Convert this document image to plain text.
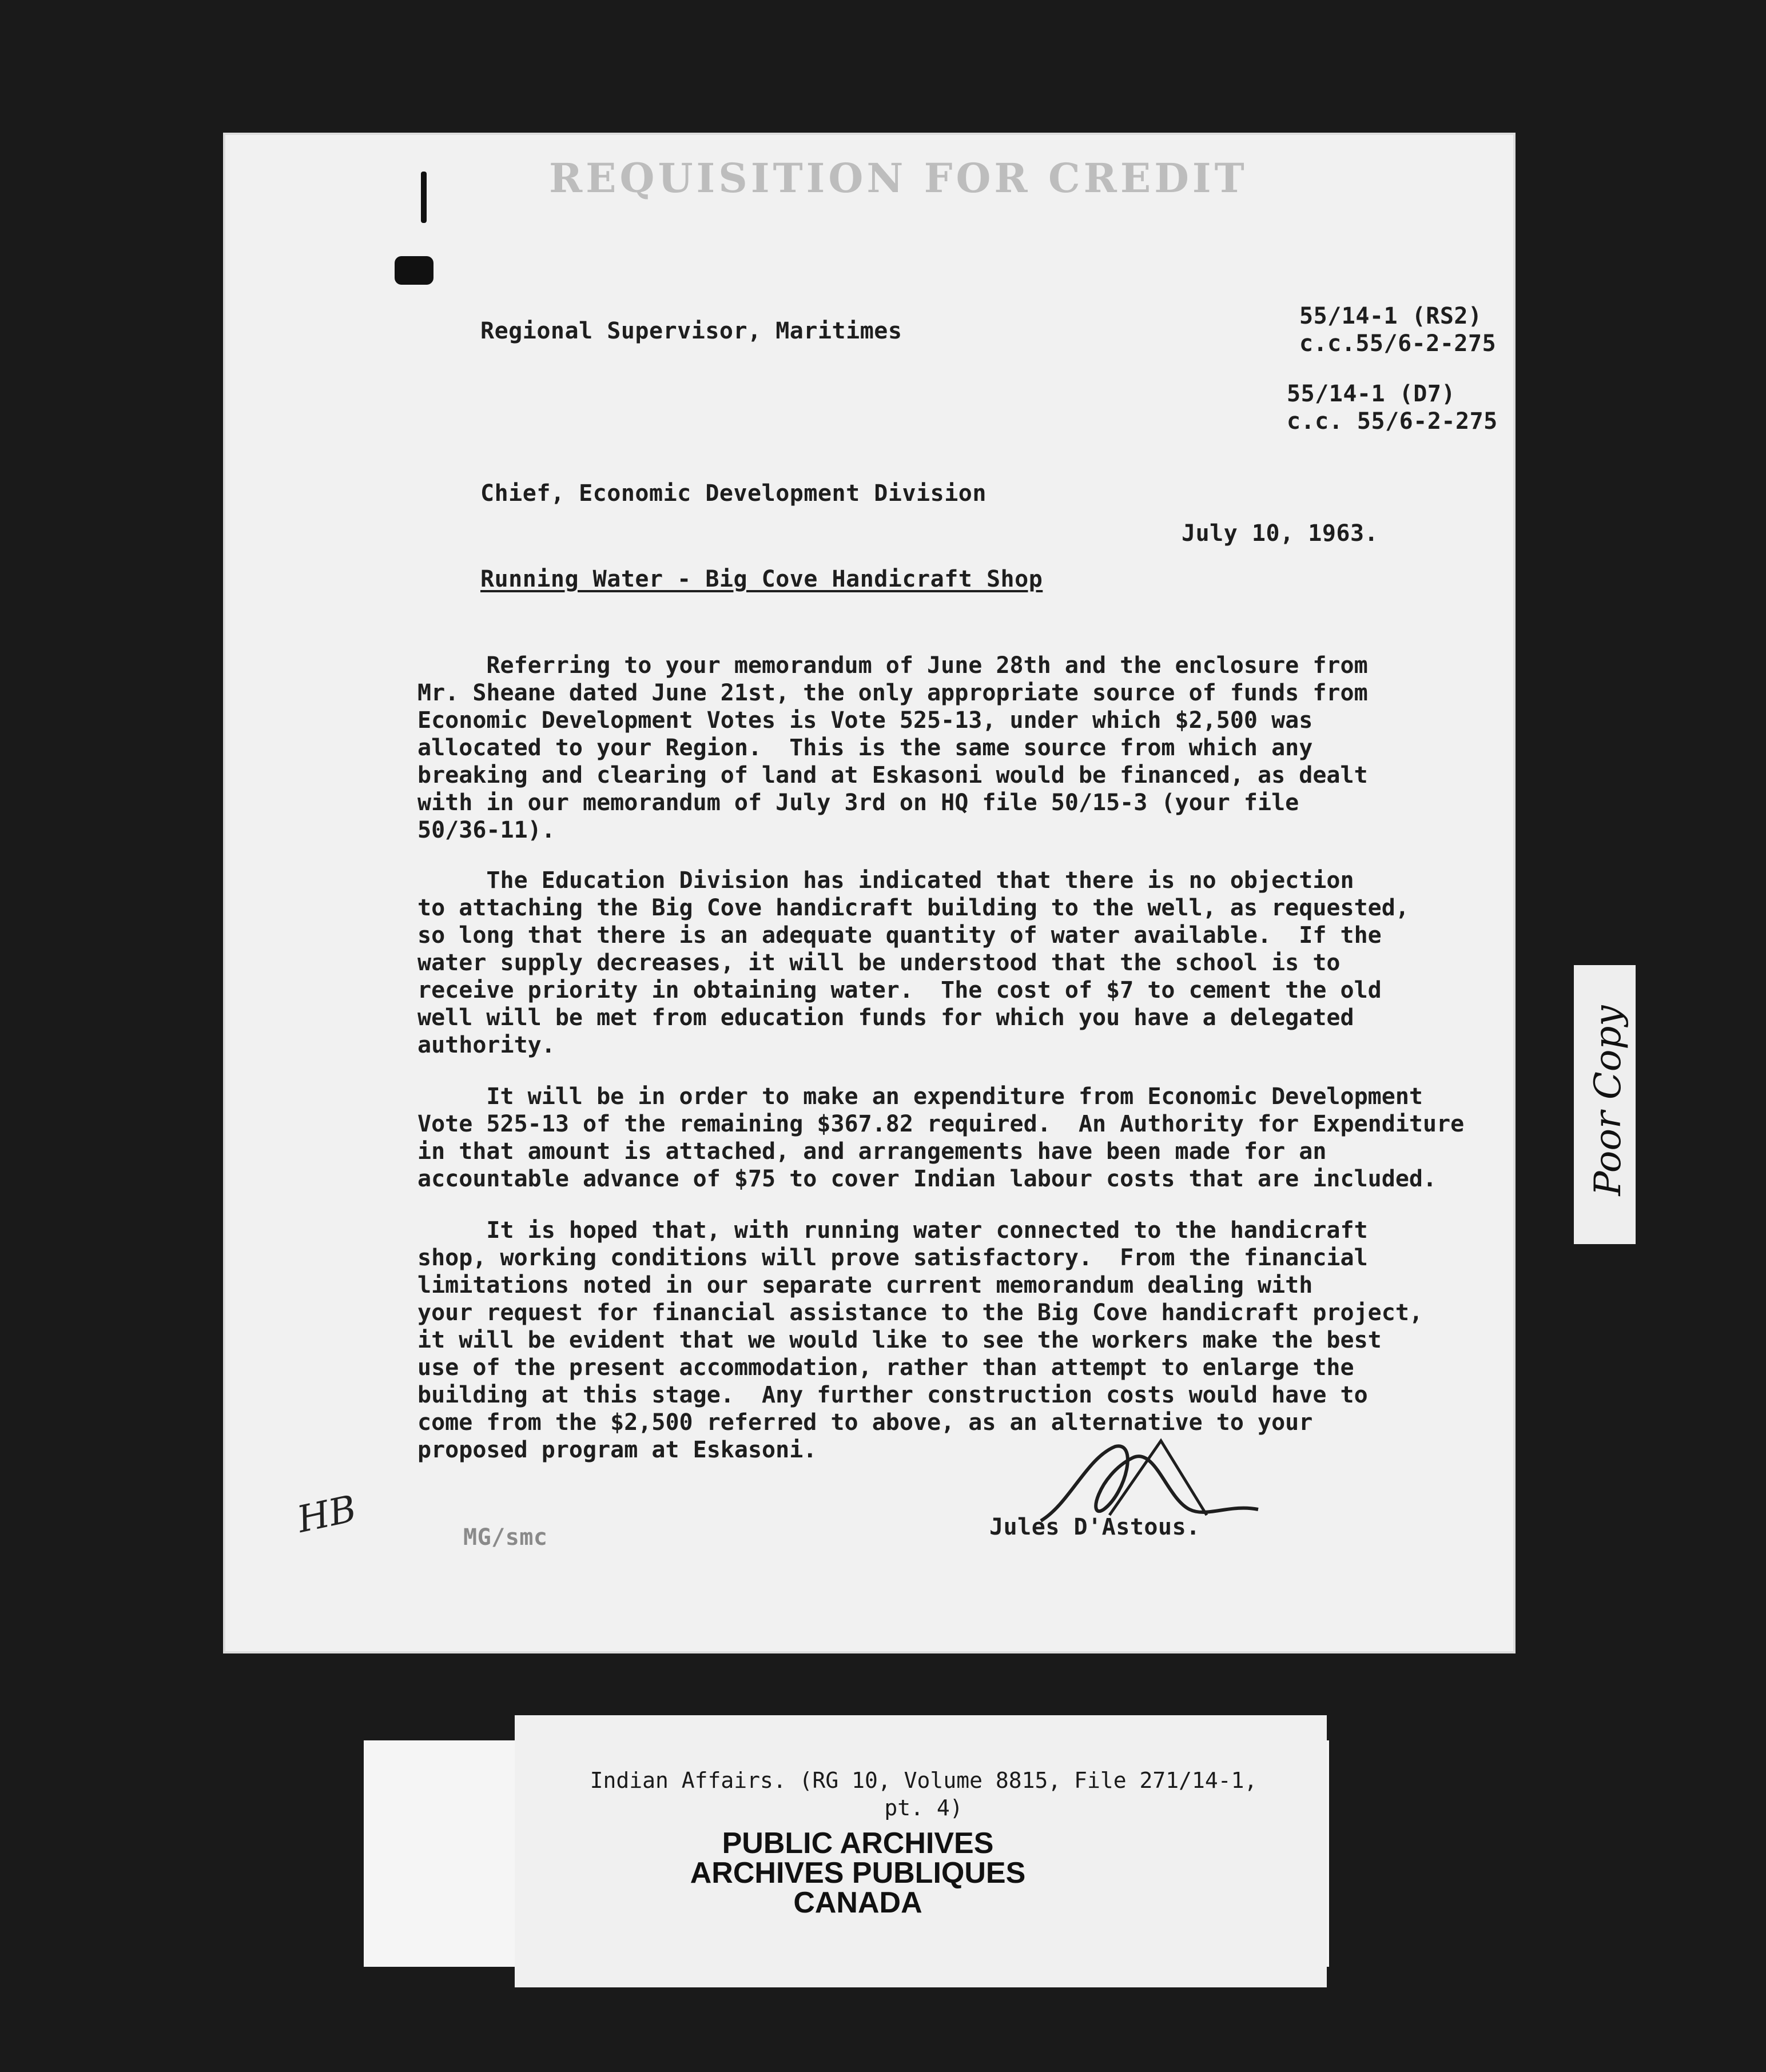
REQUISITION FOR CREDIT
Regional Supervisor, Maritimes
55/14-1 (RS2)
c.c.55/6-2-275
55/14-1 (D7)
c.c. 55/6-2-275
Chief, Economic Development Division
July 10, 1963.
Running Water - Big Cove Handicraft Shop
Referring to your memorandum of June 28th and the enclosure from
Mr. Sheane dated June 21st, the only appropriate source of funds from
Economic Development Votes is Vote 525-13, under which $2,500 was
allocated to your Region.  This is the same source from which any
breaking and clearing of land at Eskasoni would be financed, as dealt
with in our memorandum of July 3rd on HQ file 50/15-3 (your file
50/36-11).
The Education Division has indicated that there is no objection
to attaching the Big Cove handicraft building to the well, as requested,
so long that there is an adequate quantity of water available.  If the
water supply decreases, it will be understood that the school is to
receive priority in obtaining water.  The cost of $7 to cement the old
well will be met from education funds for which you have a delegated
authority.
It will be in order to make an expenditure from Economic Development
Vote 525-13 of the remaining $367.82 required.  An Authority for Expenditure
in that amount is attached, and arrangements have been made for an
accountable advance of $75 to cover Indian labour costs that are included.
It is hoped that, with running water connected to the handicraft
shop, working conditions will prove satisfactory.  From the financial
limitations noted in our separate current memorandum dealing with
your request for financial assistance to the Big Cove handicraft project,
it will be evident that we would like to see the workers make the best
use of the present accommodation, rather than attempt to enlarge the
building at this stage.  Any further construction costs would have to
come from the $2,500 referred to above, as an alternative to your
proposed program at Eskasoni.
Jules D'Astous.
MG/smc
HB
Poor Copy
Indian Affairs. (RG 10, Volume 8815, File 271/14-1,
pt. 4)
PUBLIC ARCHIVES
ARCHIVES PUBLIQUES
CANADA
